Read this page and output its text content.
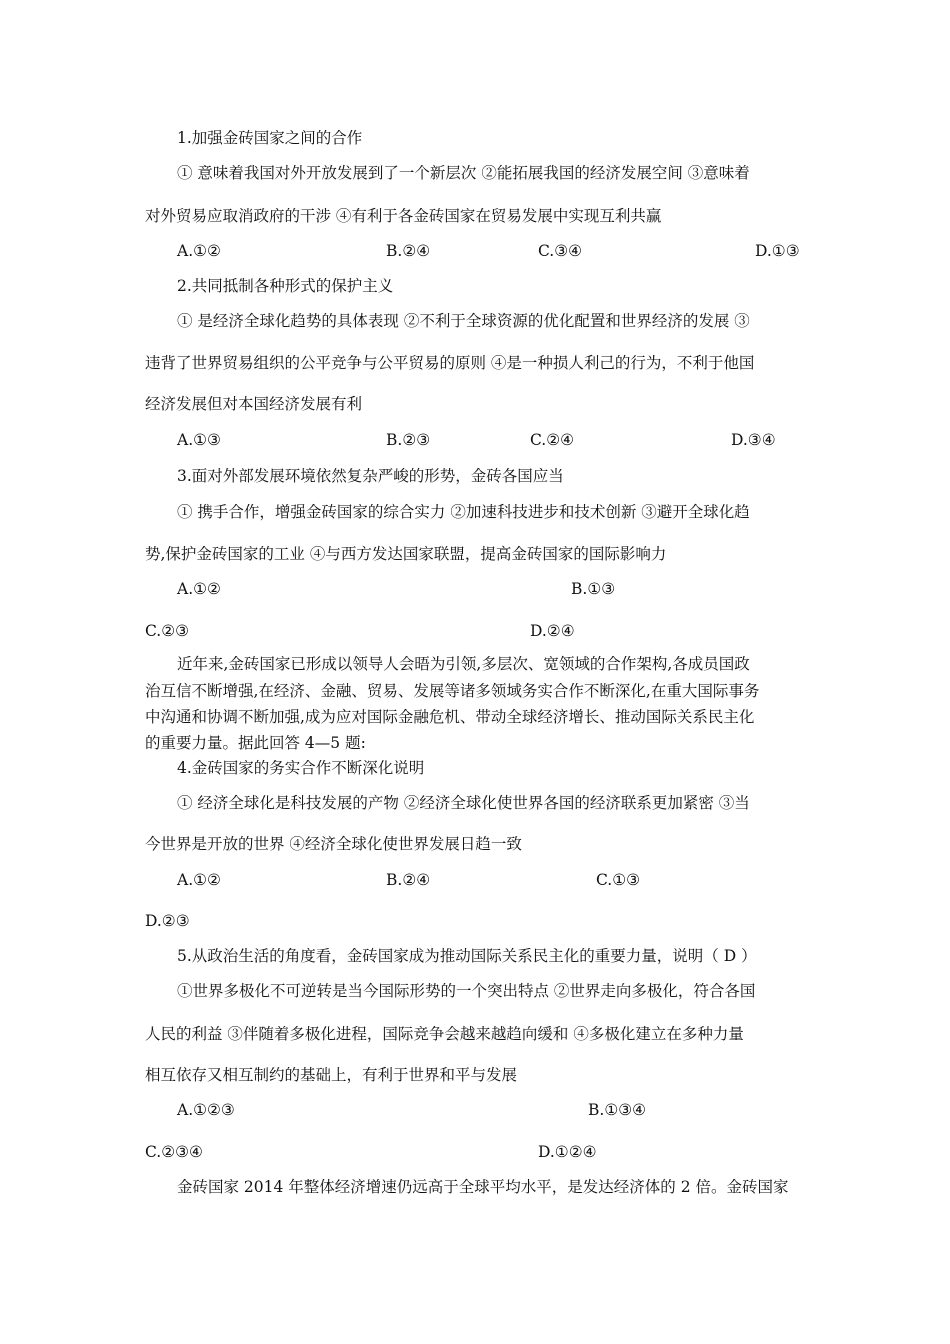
1.加强金砖国家之间的合作
① 意味着我国对外开放发展到了一个新层次 ②能拓展我国的经济发展空间 ③意味着
对外贸易应取消政府的干涉 ④有利于各金砖国家在贸易发展中实现互利共赢
A.①②	B.②④	C.③④	D.①③
2.共同抵制各种形式的保护主义
① 是经济全球化趋势的具体表现 ②不利于全球资源的优化配置和世界经济的发展 ③
违背了世界贸易组织的公平竞争与公平贸易的原则 ④是一种损人利己的行为，不利于他国
经济发展但对本国经济发展有利
A.①③	B.②③	C.②④	D.③④
3.面对外部发展环境依然复杂严峻的形势，金砖各国应当
① 携手合作，增强金砖国家的综合实力 ②加速科技进步和技术创新 ③避开全球化趋
势,保护金砖国家的工业 ④与西方发达国家联盟，提高金砖国家的国际影响力
A.①②	B.①③
C.②③	D.②④
近年来,金砖国家已形成以领导人会晤为引领,多层次、宽领域的合作架构,各成员国政
治互信不断增强,在经济、金融、贸易、发展等诸多领域务实合作不断深化,在重大国际事务
中沟通和协调不断加强,成为应对国际金融危机、带动全球经济增长、推动国际关系民主化
的重要力量。据此回答 4—5 题:
4.金砖国家的务实合作不断深化说明
① 经济全球化是科技发展的产物 ②经济全球化使世界各国的经济联系更加紧密 ③当
今世界是开放的世界 ④经济全球化使世界发展日趋一致
A.①②	B.②④	C.①③
D.②③
5.从政治生活的角度看，金砖国家成为推动国际关系民主化的重要力量，说明（ D ）
①世界多极化不可逆转是当今国际形势的一个突出特点 ②世界走向多极化，符合各国
人民的利益 ③伴随着多极化进程，国际竞争会越来越趋向缓和 ④多极化建立在多种力量
相互依存又相互制约的基础上，有利于世界和平与发展
A.①②③	B.①③④
C.②③④	D.①②④
金砖国家 2014 年整体经济增速仍远高于全球平均水平，是发达经济体的 2 倍。金砖国家
